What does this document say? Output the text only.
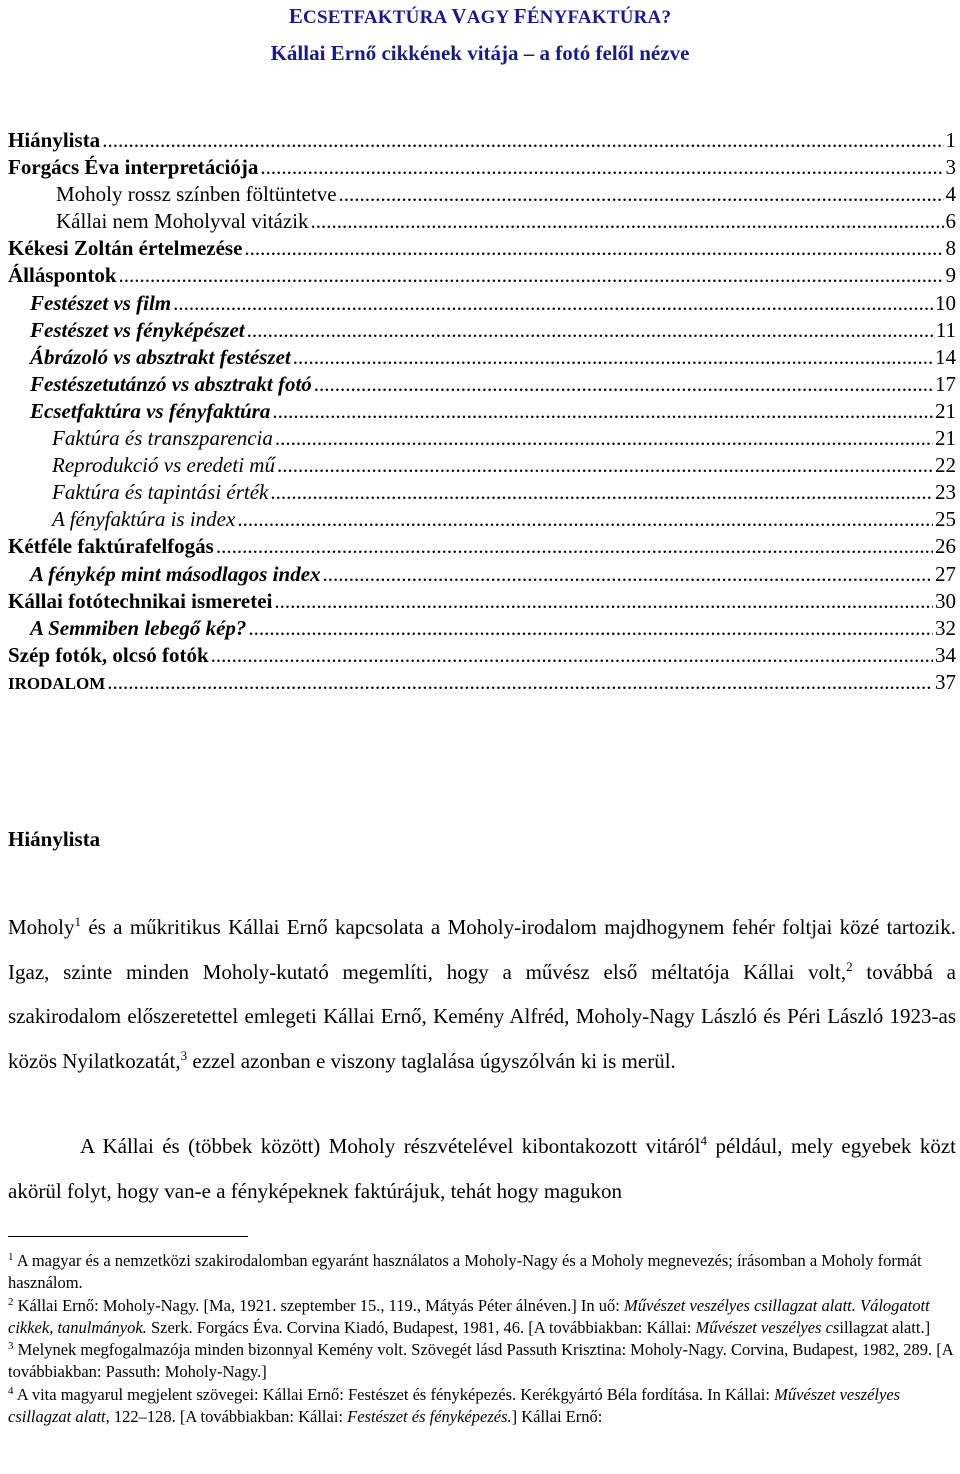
ECSETFAKTÚRA VAGY FÉNYFAKTÚRA?
Kállai Ernő cikkének vitája – a fotó felől nézve
Hiánylista .....	1
Forgács Éva interpretációja .....	3
Moholy rossz színben föltüntetve .....	4
Kállai nem Moholyval vitázik .....	6
Kékesi Zoltán értelmezése .....	8
Álláspontok .....	9
Festészet vs film .....	10
Festészet vs fényképészet .....	11
Ábrázoló vs absztrakt festészet .....	14
Festészetutánzó vs absztrakt fotó .....	17
Ecsetfaktúra vs fényfaktúra .....	21
Faktúra és transzparencia .....	21
Reprodukció vs eredeti mű .....	22
Faktúra és tapintási érték .....	23
A fényfaktúra is index .....	25
Kétféle faktúrafelfogás .....	26
A fénykép mint másodlagos index .....	27
Kállai fotótechnikai ismeretei .....	30
A Semmiben lebegő kép? .....	32
Szép fotók, olcsó fotók .....	34
IRODALOM .....	37
Hiánylista
Moholy$^1$ és a műkritikus Kállai Ernő kapcsolata a Moholy-irodalom majdhogynem fehér foltjai közé tartozik. Igaz, szinte minden Moholy-kutató megemlíti, hogy a művész első méltatója Kállai volt,$^2$ továbbá a szakirodalom előszeretettel emlegeti Kállai Ernő, Kemény Alfréd, Moholy-Nagy László és Péri László 1923-as közös Nyilatkozatát,$^3$ ezzel azonban e viszony taglalása úgyszólván ki is merül.
A Kállai és (többek között) Moholy részvételével kibontakozott vitáról$^4$ például, mely egyebek közt akörül folyt, hogy van-e a fényképeknek faktúrájuk, tehát hogy magukon

$^1$ A magyar és a nemzetközi szakirodalomban egyaránt használatos a Moholy-Nagy és a Moholy megnevezés; írásomban a Moholy formát használom.

$^2$ Kállai Ernő: Moholy-Nagy. [Ma, 1921. szeptember 15., 119., Mátyás Péter álnéven.] In uő: Művészet veszélyes csillagzat alatt. Válogatott cikkek, tanulmányok. Szerk. Forgács Éva. Corvina Kiadó, Budapest, 1981, 46. [A továbbiakban: Kállai: Művészet veszélyes csillagzat alatt.]

$^3$ Melynek megfogalmazója minden bizonnyal Kemény volt. Szövegét lásd Passuth Krisztina: Moholy-Nagy. Corvina, Budapest, 1982, 289. [A továbbiakban: Passuth: Moholy-Nagy.]

$^4$ A vita magyarul megjelent szövegei: Kállai Ernő: Festészet és fényképezés. Kerékgyártó Béla fordítása. In Kállai: Művészet veszélyes csillagzat alatt, 122–128. [A továbbiakban: Kállai: Festészet és fényképezés.] Kállai Ernő:
